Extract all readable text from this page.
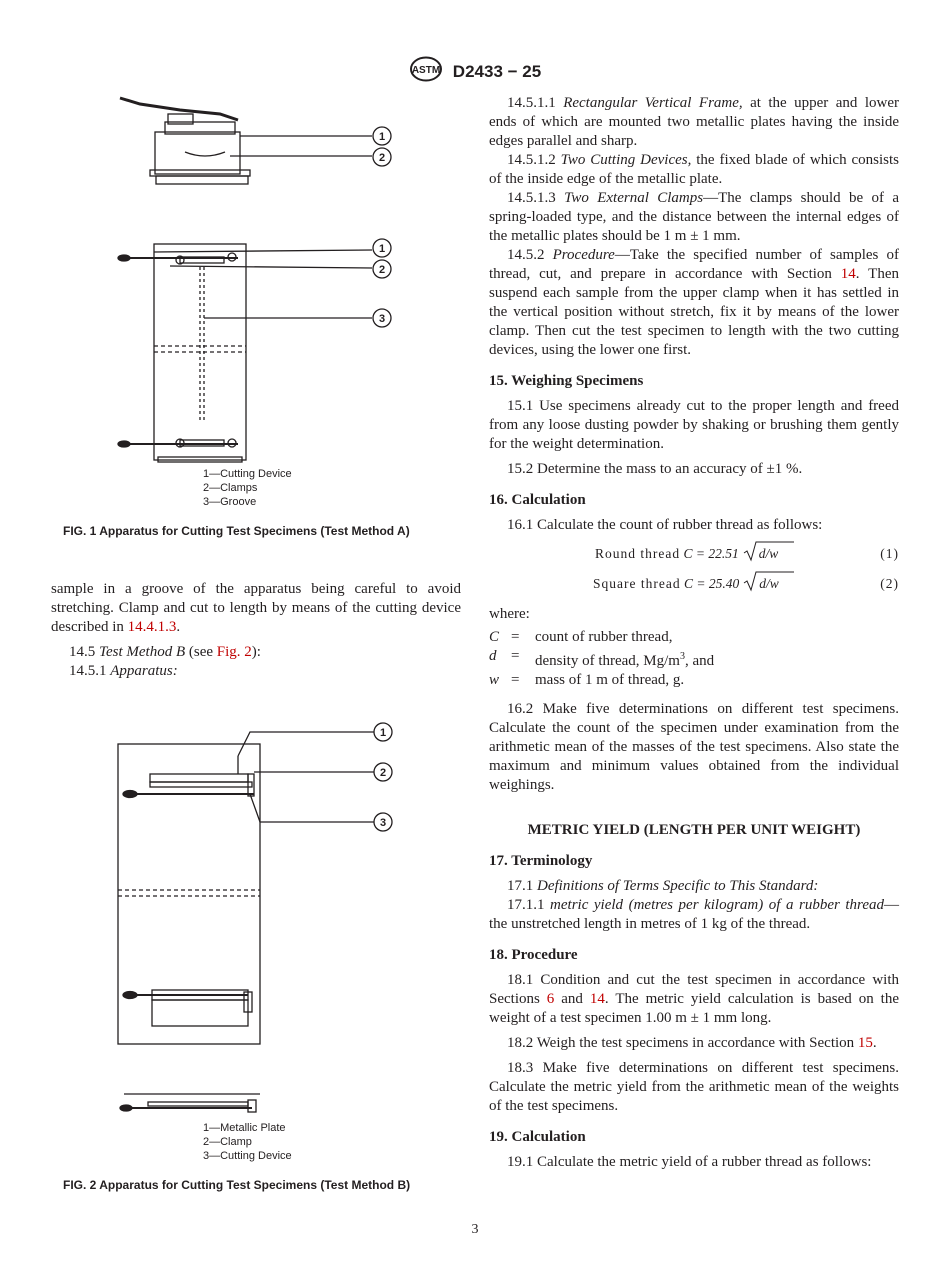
ASTM D2433 − 25
1
2
1
2
3
1—Cutting Device
2—Clamps
3—Groove
FIG. 1 Apparatus for Cutting Test Specimens (Test Method A)

sample in a groove of the apparatus being careful to avoid stretching. Clamp and cut to length by means of the cutting device described in 14.4.1.3.

14.5 Test Method B (see Fig. 2):

14.5.1 Apparatus:

1
2
3
1—Metallic Plate
2—Clamp
3—Cutting Device
FIG. 2 Apparatus for Cutting Test Specimens (Test Method B)

14.5.1.1 Rectangular Vertical Frame, at the upper and lower ends of which are mounted two metallic plates having the inside edges parallel and sharp.

14.5.1.2 Two Cutting Devices, the fixed blade of which consists of the inside edge of the metallic plate.

14.5.1.3 Two External Clamps—The clamps should be of a spring-loaded type, and the distance between the internal edges of the metallic plates should be 1 m ± 1 mm.

14.5.2 Procedure—Take the specified number of samples of thread, cut, and prepare in accordance with Section 14. Then suspend each sample from the upper clamp when it has settled in the vertical position without stretch, fix it by means of the lower clamp. Then cut the test specimen to length with the two cutting devices, using the lower one first.

15. Weighing Specimens

15.1 Use specimens already cut to the proper length and freed from any loose dusting powder by shaking or brushing them gently for the weight determination.

15.2 Determine the mass to an accuracy of ±1 %.

16. Calculation

16.1 Calculate the count of rubber thread as follows:

Round thread
C = 22.51 d/w	(1)
Square thread
C = 25.40 d/w	(2)

where:

C =	count of rubber thread,
d =	density of thread, $Mg/m^3$, and
w =	mass of 1 m of thread, g.

16.2 Make five determinations on different test specimens. Calculate the count of the specimen under examination from the arithmetic mean of the masses of the test specimens. Also state the maximum and minimum values obtained from the individual weighings.

METRIC YIELD (LENGTH PER UNIT WEIGHT)

17. Terminology

17.1 Definitions of Terms Specific to This Standard:

17.1.1 metric yield (metres per kilogram) of a rubber thread—the unstretched length in metres of 1 kg of the thread.

18. Procedure

18.1 Condition and cut the test specimen in accordance with Sections 6 and 14. The metric yield calculation is based on the weight of a test specimen 1.00 m ± 1 mm long.

18.2 Weigh the test specimens in accordance with Section 15.

18.3 Make five determinations on different test specimens. Calculate the metric yield from the arithmetic mean of the weights of the test specimens.

19. Calculation

19.1 Calculate the metric yield of a rubber thread as follows:

3
